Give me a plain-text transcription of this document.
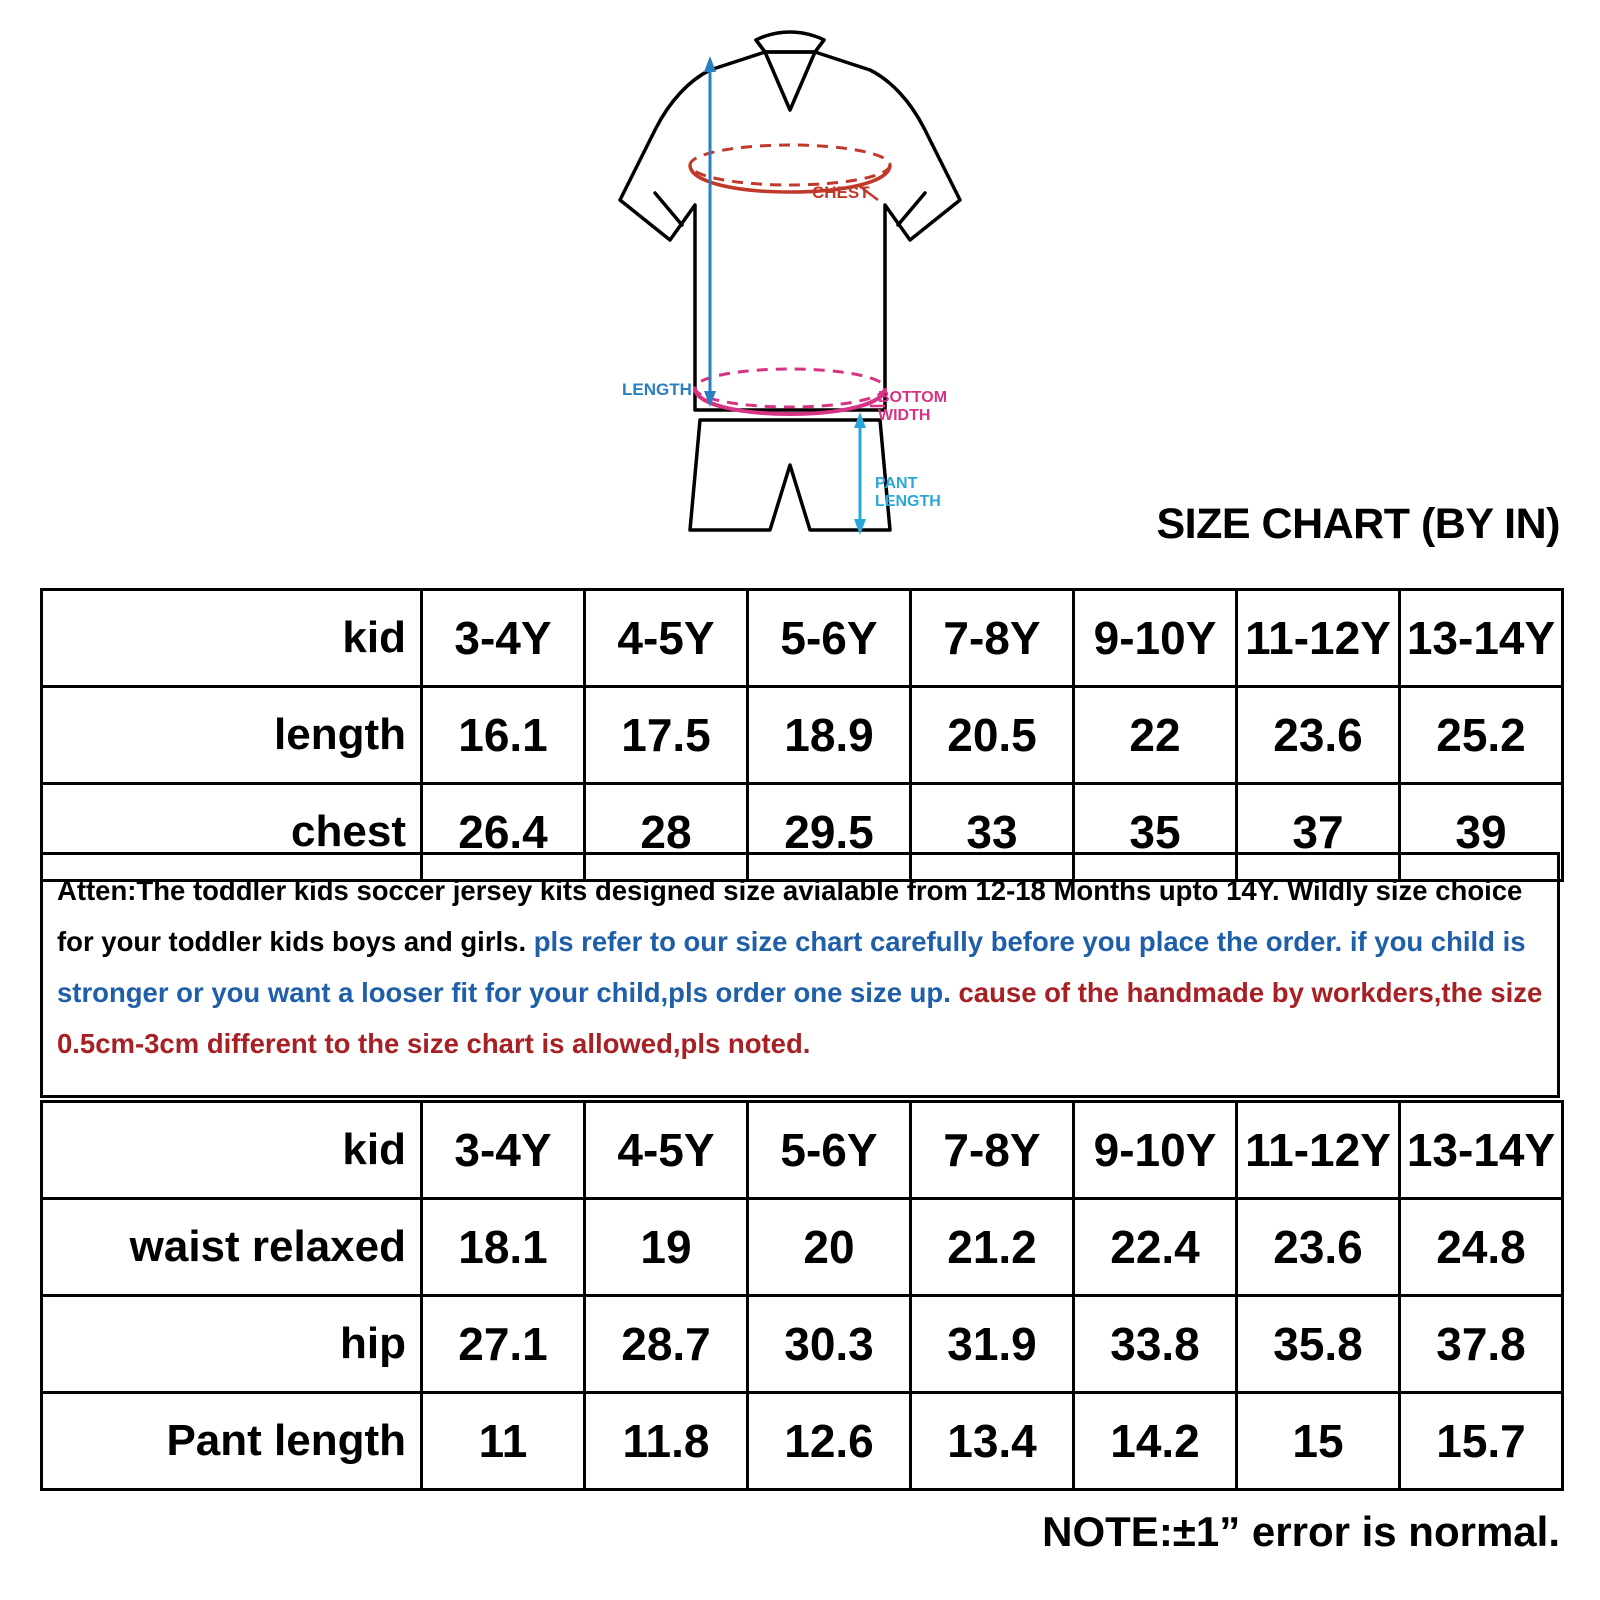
CHEST
BOTTOM
WIDTH
LENGTH
PANT
LENGTH	SIZE CHART (BY IN)
kid	3-4Y	4-5Y	5-6Y	7-8Y	9-10Y	11-12Y	13-14Y
length	16.1	17.5	18.9	20.5	22	23.6	25.2
chest	26.4	28	29.5	33	35	37	39
Atten:The toddler kids soccer jersey kits designed size avialable from 12-18 Months upto 14Y. Wildly size choice for your toddler kids boys and girls. pls refer to our size chart carefully before you place the order. if you child is stronger or you want a looser fit for your child,pls order one size up. cause of the handmade by workders,the size 0.5cm-3cm different to the size chart is allowed,pls noted.
kid	3-4Y	4-5Y	5-6Y	7-8Y	9-10Y	11-12Y	13-14Y
waist relaxed	18.1	19	20	21.2	22.4	23.6	24.8
hip	27.1	28.7	30.3	31.9	33.8	35.8	37.8
Pant length	11	11.8	12.6	13.4	14.2	15	15.7
NOTE:±1” error is normal.
